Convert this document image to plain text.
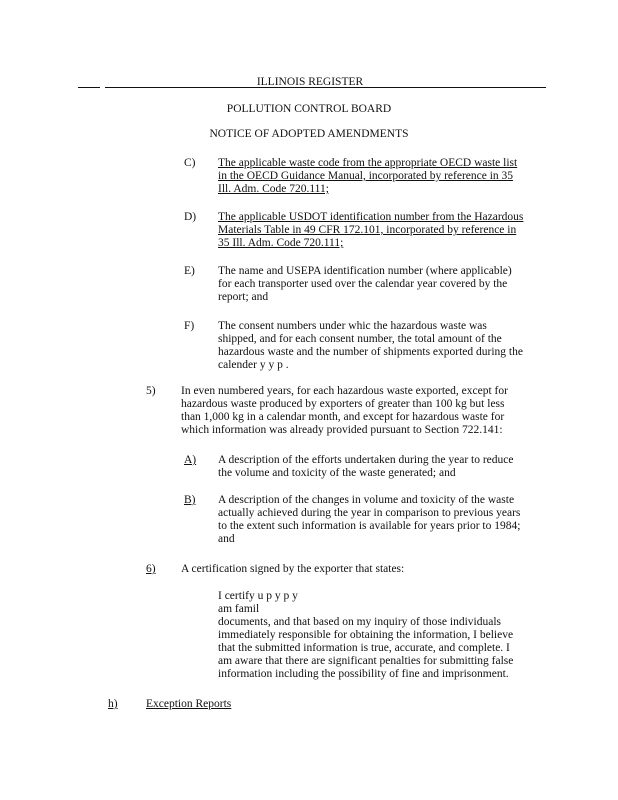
ILLINOIS REGISTER
POLLUTION CONTROL BOARD
NOTICE OF ADOPTED AMENDMENTS
C) The applicable waste code from the appropriate OECD waste list
in the OECD Guidance Manual, incorporated by reference in 35
Ill. Adm. Code 720.111;
D) The applicable USDOT identification number from the Hazardous
Materials Table in 49 CFR 172.101, incorporated by reference in
35 Ill. Adm. Code 720.111;
E) The name and USEPA identification number (where applicable)
for each transporter used over the calendar year covered by the
report; and
F) The consent numbers under whic the hazardous waste was
shipped, and for each consent number, the total amount of the
hazardous waste and the number of shipments exported during the
calender y y p .
5) In even numbered years, for each hazardous waste exported, except for
hazardous waste produced by exporters of greater than 100 kg but less
than 1,000 kg in a calendar month, and except for hazardous waste for
which information was already provided pursuant to Section 722.141:
A) A description of the efforts undertaken during the year to reduce
the volume and toxicity of the waste generated; and
B) A description of the changes in volume and toxicity of the waste
actually achieved during the year in comparison to previous years
to the extent such information is available for years prior to 1984;
and
6) A certification signed by the exporter that states:
I certify u p y p y
am famil
documents, and that based on my inquiry of those individuals
immediately responsible for obtaining the information, I believe
that the submitted information is true, accurate, and complete. I
am aware that there are significant penalties for submitting false
information including the possibility of fine and imprisonment.
h) Exception Reports
